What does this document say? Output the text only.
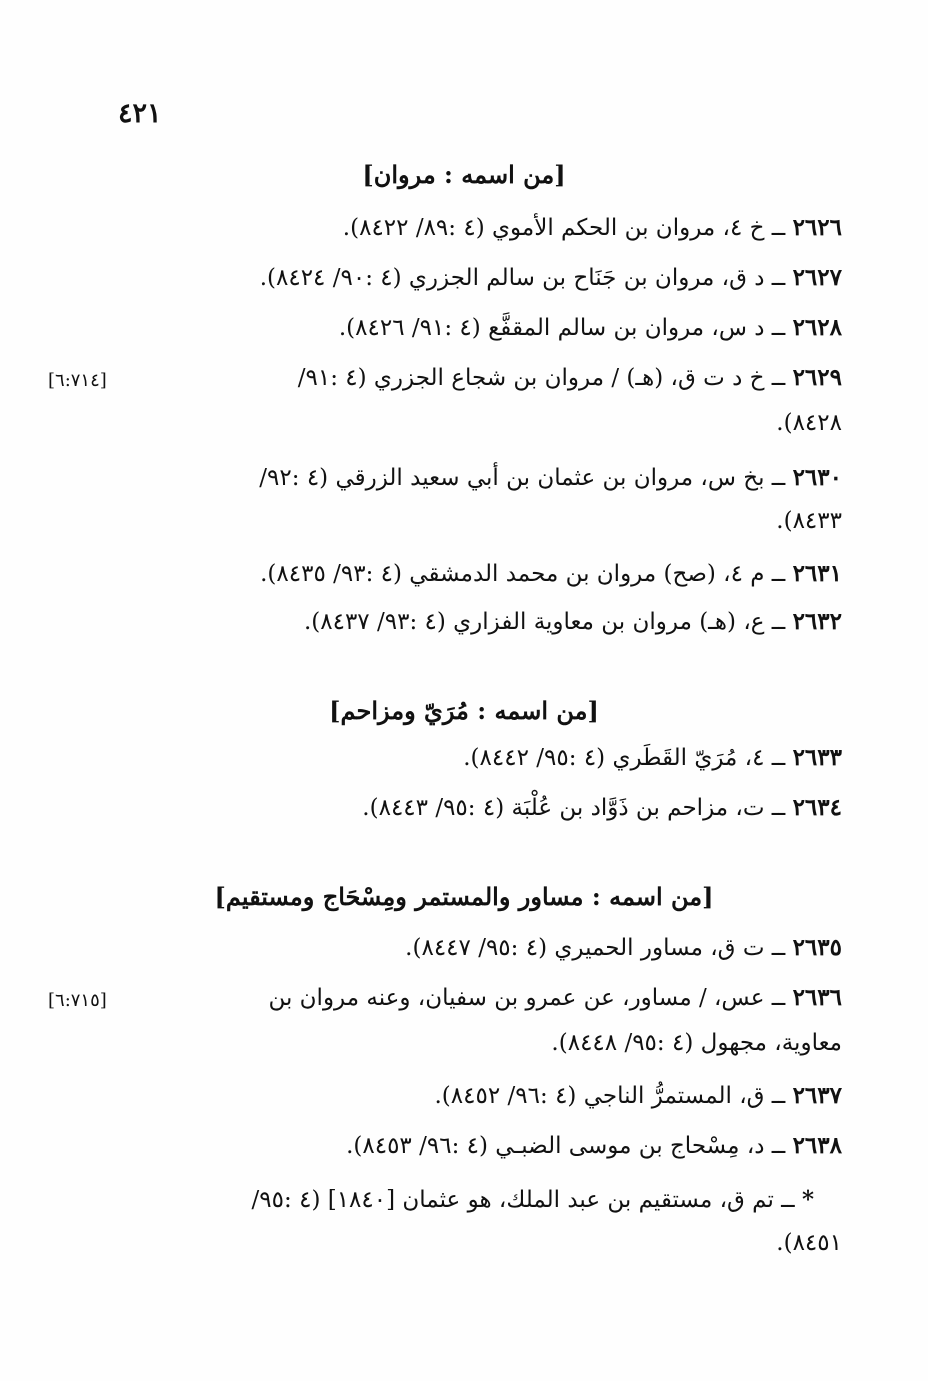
٤٢١
[من اسمه : مروان]
٢٦٢٦ ــ خ ٤، مروان بن الحكم الأموي (٤ :٨٩/ ٨٤٢٢).
٢٦٢٧ ــ د ق، مروان بن جَنَاح بن سالم الجزري (٤ :٩٠/ ٨٤٢٤).
٢٦٢٨ ــ د س، مروان بن سالم المقفَّع (٤ :٩١/ ٨٤٢٦).
٢٦٢٩ ــ خ د ت ق، (هـ) / مروان بن شجاع الجزري (٤ :٩١/
[٦:٧١٤]
٨٤٢٨).
٢٦٣٠ ــ بخ س، مروان بن عثمان بن أبي سعيد الزرقي (٤ :٩٢/
٨٤٣٣).
٢٦٣١ ــ م ٤، (صح) مروان بن محمد الدمشقي (٤ :٩٣/ ٨٤٣٥).
٢٦٣٢ ــ ع، (هـ) مروان بن معاوية الفزاري (٤ :٩٣/ ٨٤٣٧).
[من اسمه : مُرَيّ ومزاحم]
٢٦٣٣ ــ ٤، مُرَيّ القَطَري (٤ :٩٥/ ٨٤٤٢).
٢٦٣٤ ــ ت، مزاحم بن ذَوَّاد بن عُلْبَة (٤ :٩٥/ ٨٤٤٣).
[من اسمه : مساور والمستمر ومِسْحَاج ومستقيم]
٢٦٣٥ ــ ت ق، مساور الحميري (٤ :٩٥/ ٨٤٤٧).
٢٦٣٦ ــ عس، / مساور، عن عمرو بن سفيان، وعنه مروان بن
[٦:٧١٥]
معاوية، مجهول (٤ :٩٥/ ٨٤٤٨).
٢٦٣٧ ــ ق، المستمرُّ الناجي (٤ :٩٦/ ٨٤٥٢).
٢٦٣٨ ــ د، مِسْحاج بن موسى الضبـي (٤ :٩٦/ ٨٤٥٣).
* ــ تم ق، مستقيم بن عبد الملك، هو عثمان [١٨٤٠] (٤ :٩٥/
٨٤٥١).
